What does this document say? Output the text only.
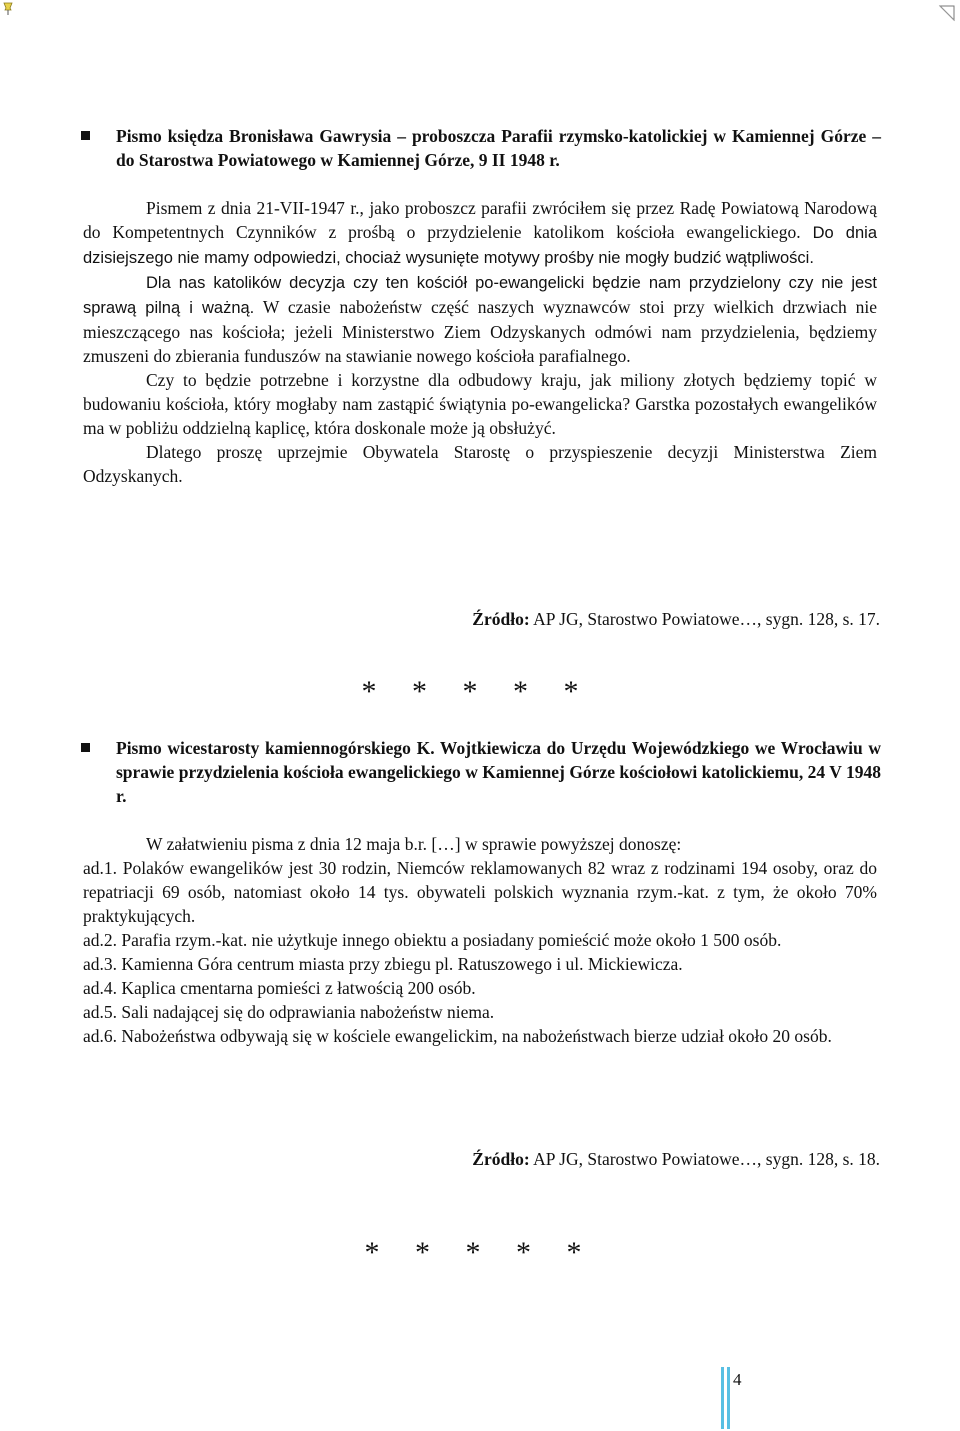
Pismo księdza Bronisława Gawrysia – proboszcza Parafii rzymsko-katolickiej w Kamiennej Górze – do Starostwa Powiatowego w Kamiennej Górze, 9 II 1948 r.

Pismem z dnia 21-VII-1947 r., jako proboszcz parafii zwróciłem się przez Radę Powiatową Narodową do Kompetentnych Czynników z prośbą o przydzielenie katolikom kościoła ewangelickiego. Do dnia dzisiejszego nie mamy odpowiedzi, chociaż wysunięte motywy prośby nie mogły budzić wątpliwości.

Dla nas katolików decyzja czy ten kościół po-ewangelicki będzie nam przydzielony czy nie jest sprawą pilną i ważną. W czasie nabożeństw część naszych wyznawców stoi przy wielkich drzwiach nie mieszczącego nas kościoła; jeżeli Ministerstwo Ziem Odzyskanych odmówi nam przydzielenia, będziemy zmuszeni do zbierania funduszów na stawianie nowego kościoła parafialnego.

Czy to będzie potrzebne i korzystne dla odbudowy kraju, jak miliony złotych będziemy topić w budowaniu kościoła, który mogłaby nam zastąpić świątynia po-ewangelicka? Garstka pozostałych ewangelików ma w pobliżu oddzielną kaplicę, która doskonale może ją obsłużyć.

Dlatego proszę uprzejmie Obywatela Starostę o przyspieszenie decyzji Ministerstwa Ziem Odzyskanych.

Źródło: AP JG, Starostwo Powiatowe…, sygn. 128, s. 17.
* * * * *
Pismo wicestarosty kamiennogórskiego K. Wojtkiewicza do Urzędu Wojewódzkiego we Wrocławiu w sprawie przydzielenia kościoła ewangelickiego w Kamiennej Górze kościołowi katolickiemu, 24 V 1948 r.

W załatwieniu pisma z dnia 12 maja b.r. […] w sprawie powyższej donoszę:

ad.1. Polaków ewangelików jest 30 rodzin, Niemców reklamowanych 82 wraz z rodzinami 194 osoby, oraz do repatriacji 69 osób, natomiast około 14 tys. obywateli polskich wyznania rzym.-kat. z tym, że około 70% praktykujących.

ad.2. Parafia rzym.-kat. nie użytkuje innego obiektu a posiadany pomieścić może około 1 500 osób.

ad.3. Kamienna Góra centrum miasta przy zbiegu pl. Ratuszowego i ul. Mickiewicza.

ad.4. Kaplica cmentarna pomieści z łatwością 200 osób.

ad.5. Sali nadającej się do odprawiania nabożeństw niema.

ad.6. Nabożeństwa odbywają się w kościele ewangelickim, na nabożeństwach bierze udział około 20 osób.

Źródło: AP JG, Starostwo Powiatowe…, sygn. 128, s. 18.
* * * * *
4
